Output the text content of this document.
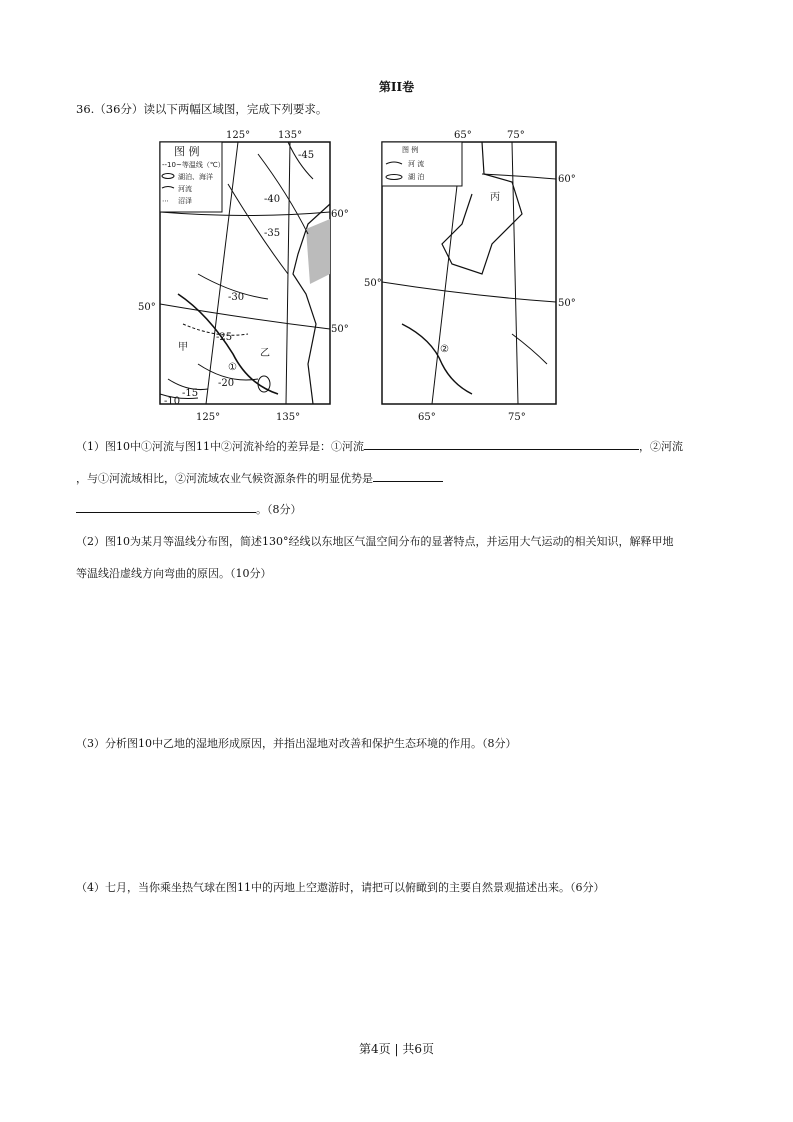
第II卷
36.（36分）读以下两幅区域图，完成下列要求。
125°	135°
图 例
--10~等温线（℃）
湖泊、海洋
河流
⋯ 沼泽
-45
-40
-35
-30
-25
-20
-15
-10
甲
乙
①
50°
60°
50°
125°	135°
65°	75°
图 例
河 流
湖 泊
丙
②
50°
60°
50°
65°	75°
（1）图10中①河流与图11中②河流补给的差异是：①河流	，②河流
，与①河流域相比，②河流域农业气候资源条件的明显优势是
。（8分）
（2）图10为某月等温线分布图，简述130°经线以东地区气温空间分布的显著特点，并运用大气运动的相关知识，解释甲地
等温线沿虚线方向弯曲的原因。（10分）
（3）分析图10中乙地的湿地形成原因，并指出湿地对改善和保护生态环境的作用。（8分）
（4）七月，当你乘坐热气球在图11中的丙地上空遨游时，请把可以俯瞰到的主要自然景观描述出来。（6分）
第4页 | 共6页
